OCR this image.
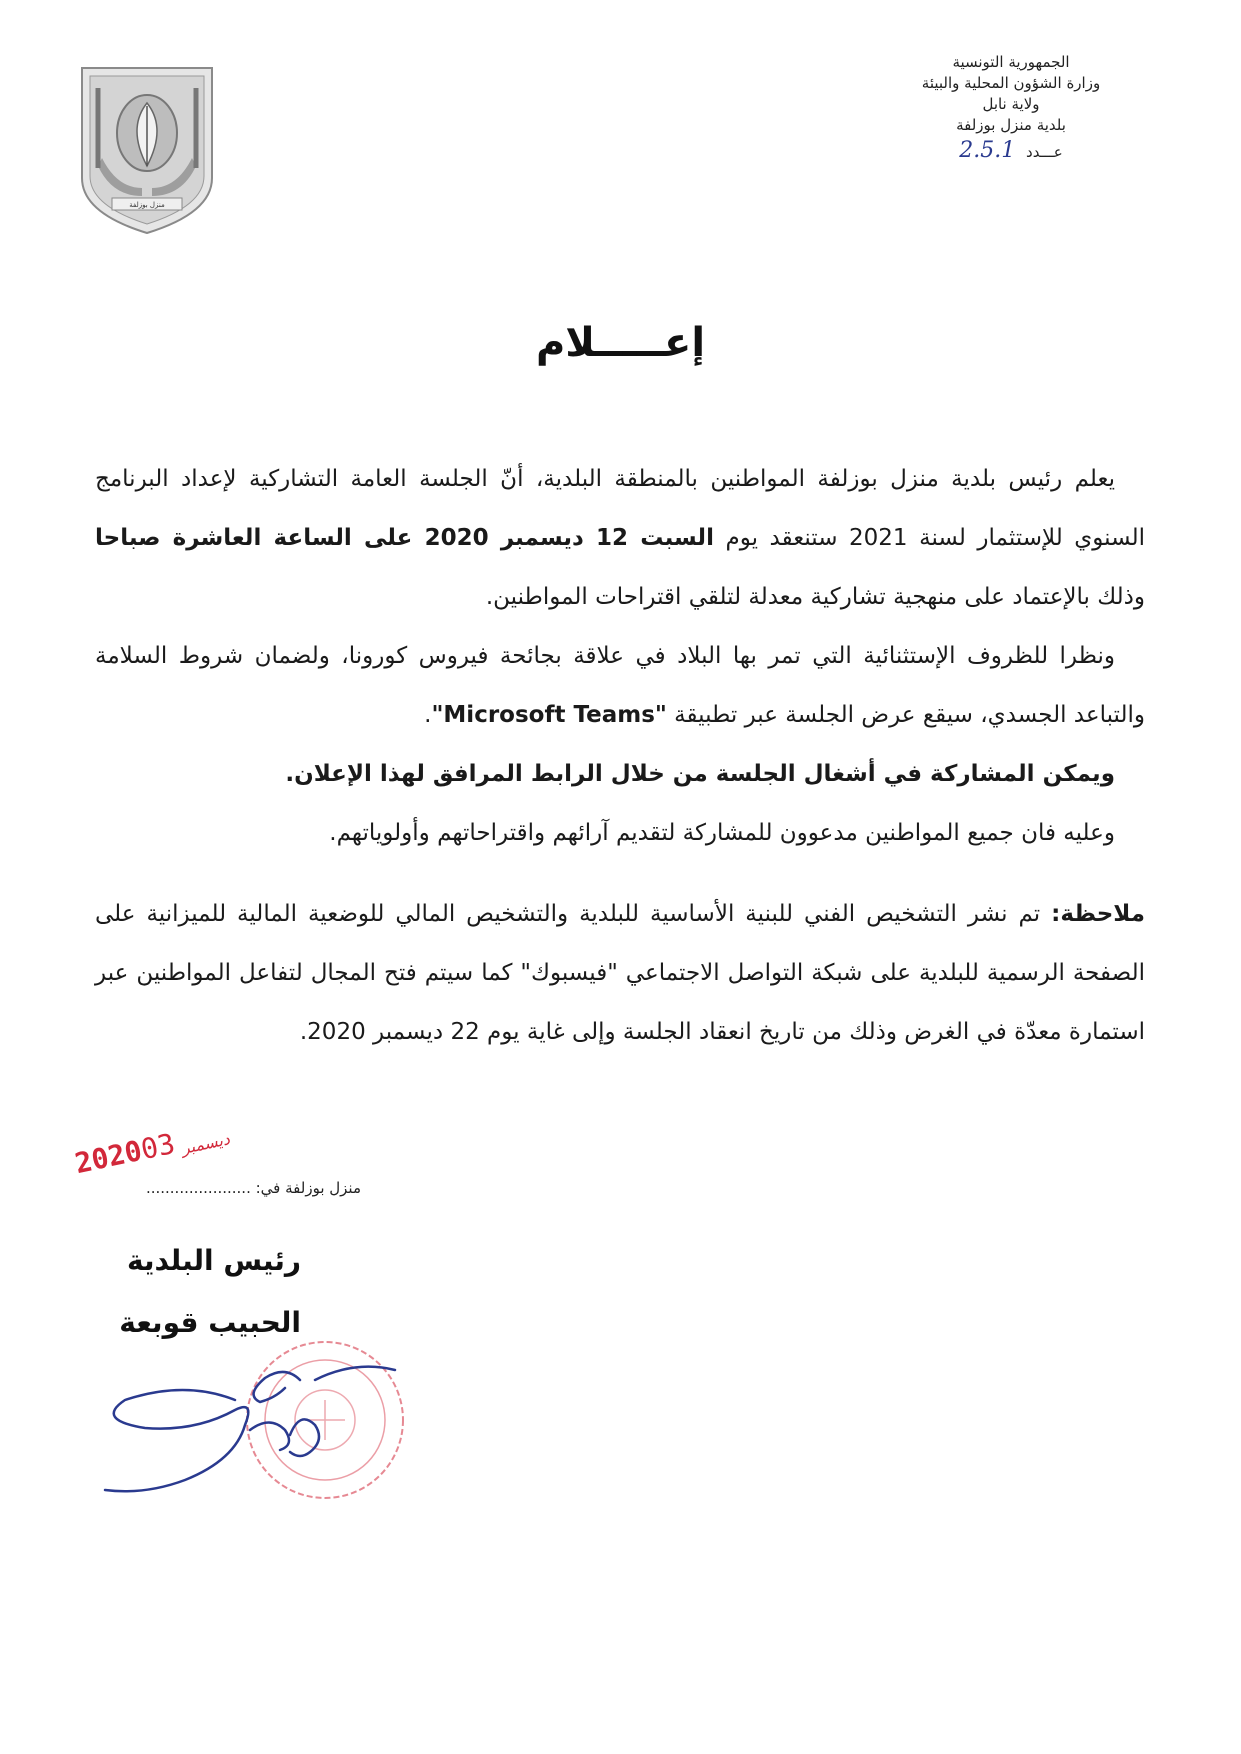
منزل بوزلفة
الجمهورية التونسية
وزارة الشؤون المحلية والبيئة
ولاية نابل
بلدية منزل بوزلفة
عـــدد 2.5.1
إعـــــلام

يعلم رئيس بلدية منزل بوزلفة المواطنين بالمنطقة البلدية، أنّ الجلسة العامة التشاركية لإعداد البرنامج السنوي للإستثمار لسنة 2021 ستنعقد يوم السبت 12 ديسمبر 2020 على الساعة العاشرة صباحا وذلك بالإعتماد على منهجية تشاركية معدلة لتلقي اقتراحات المواطنين.

ونظرا للظروف الإستثنائية التي تمر بها البلاد في علاقة بجائحة فيروس كورونا، ولضمان شروط السلامة والتباعد الجسدي، سيقع عرض الجلسة عبر تطبيقة "Microsoft Teams".

ويمكن المشاركة في أشغال الجلسة من خلال الرابط المرافق لهذا الإعلان.

وعليه فان جميع المواطنين مدعوون للمشاركة لتقديم آرائهم واقتراحاتهم وأولوياتهم.

ملاحظة: تم نشر التشخيص الفني للبنية الأساسية للبلدية والتشخيص المالي للوضعية المالية للميزانية على الصفحة الرسمية للبلدية على شبكة التواصل الاجتماعي "فيسبوك" كما سيتم فتح المجال لتفاعل المواطنين عبر استمارة معدّة في الغرض وذلك من تاريخ انعقاد الجلسة وإلى غاية يوم 22 ديسمبر 2020.

منزل بوزلفة في: ......................
2020 ديسمبر03
رئيس البلدية
الحبيب قوبعة
